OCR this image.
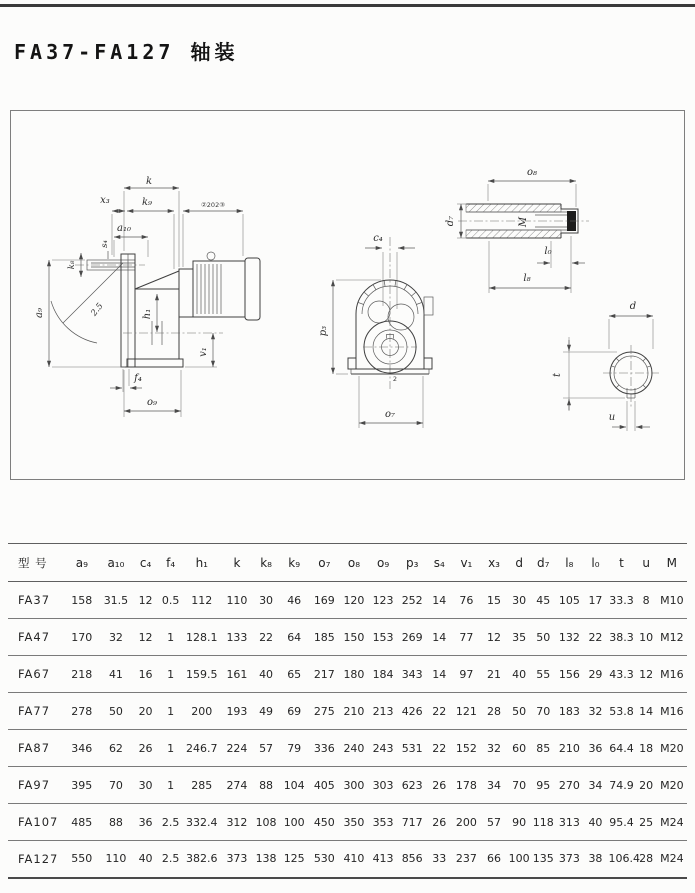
FA37-FA127 轴装
k
x₃	k₉	②202③
a₁₀
k₈
s₄
a₉	2.5	h₁
v₁
f₄
o₉
c₄
p₃
2
o₇
o₈
d₇	M
l₀
l₈
d
t
u
型 号	a₉	a₁₀	c₄	f₄	h₁	k	k₈	k₉	o₇	o₈	o₉	p₃	s₄	v₁	x₃	d	d₇	l₈	l₀	t	u	M
FA37	158	31.5	12	0.5	112	110	30	46	169	120	123	252	14	76	15	30	45	105	17	33.3	8	M10
FA47	170	32	12	1	128.1	133	22	64	185	150	153	269	14	77	12	35	50	132	22	38.3	10	M12
FA67	218	41	16	1	159.5	161	40	65	217	180	184	343	14	97	21	40	55	156	29	43.3	12	M16
FA77	278	50	20	1	200	193	49	69	275	210	213	426	22	121	28	50	70	183	32	53.8	14	M16
FA87	346	62	26	1	246.7	224	57	79	336	240	243	531	22	152	32	60	85	210	36	64.4	18	M20
FA97	395	70	30	1	285	274	88	104	405	300	303	623	26	178	34	70	95	270	34	74.9	20	M20
FA107	485	88	36	2.5	332.4	312	108	100	450	350	353	717	26	200	57	90	118	313	40	95.4	25	M24
FA127	550	110	40	2.5	382.6	373	138	125	530	410	413	856	33	237	66	100	135	373	38	106.4	28	M24
